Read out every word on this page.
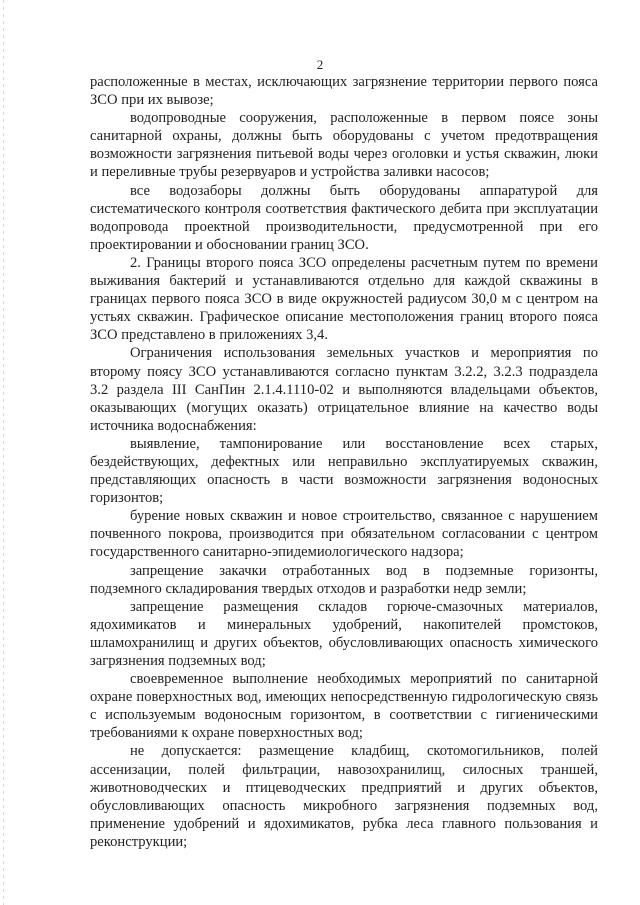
2

расположенные в местах, исключающих загрязнение территории первого пояса ЗСО при их вывозе;

водопроводные сооружения, расположенные в первом поясе зоны санитарной охраны, должны быть оборудованы с учетом предотвращения возможности загрязнения питьевой воды через оголовки и устья скважин, люки и переливные трубы резервуаров и устройства заливки насосов;

все водозаборы должны быть оборудованы аппаратурой для систематического контроля соответствия фактического дебита при эксплуатации водопровода проектной производительности, предусмотренной при его проектировании и обосновании границ ЗСО.

2. Границы второго пояса ЗСО определены расчетным путем по времени выживания бактерий и устанавливаются отдельно для каждой скважины в границах первого пояса ЗСО в виде окружностей радиусом 30,0 м с центром на устьях скважин. Графическое описание местоположения границ второго пояса ЗСО представлено в приложениях 3,4.

Ограничения использования земельных участков и мероприятия по второму поясу ЗСО устанавливаются согласно пунктам 3.2.2, 3.2.3 подраздела 3.2 раздела III СанПин 2.1.4.1110-02 и выполняются владельцами объектов, оказывающих (могущих оказать) отрицательное влияние на качество воды источника водоснабжения:

выявление, тампонирование или восстановление всех старых, бездействующих, дефектных или неправильно эксплуатируемых скважин, представляющих опасность в части возможности загрязнения водоносных горизонтов;

бурение новых скважин и новое строительство, связанное с нарушением почвенного покрова, производится при обязательном согласовании с центром государственного санитарно-эпидемиологического надзора;

запрещение закачки отработанных вод в подземные горизонты, подземного складирования твердых отходов и разработки недр земли;

запрещение размещения складов горюче-смазочных материалов, ядохимикатов и минеральных удобрений, накопителей промстоков, шламохранилищ и других объектов, обусловливающих опасность химического загрязнения подземных вод;

своевременное выполнение необходимых мероприятий по санитарной охране поверхностных вод, имеющих непосредственную гидрологическую связь с используемым водоносным горизонтом, в соответствии с гигиеническими требованиями к охране поверхностных вод;

не допускается: размещение кладбищ, скотомогильников, полей ассенизации, полей фильтрации, навозохранилищ, силосных траншей, животноводческих и птицеводческих предприятий и других объектов, обусловливающих опасность микробного загрязнения подземных вод, применение удобрений и ядохимикатов, рубка леса главного пользования и реконструкции;
